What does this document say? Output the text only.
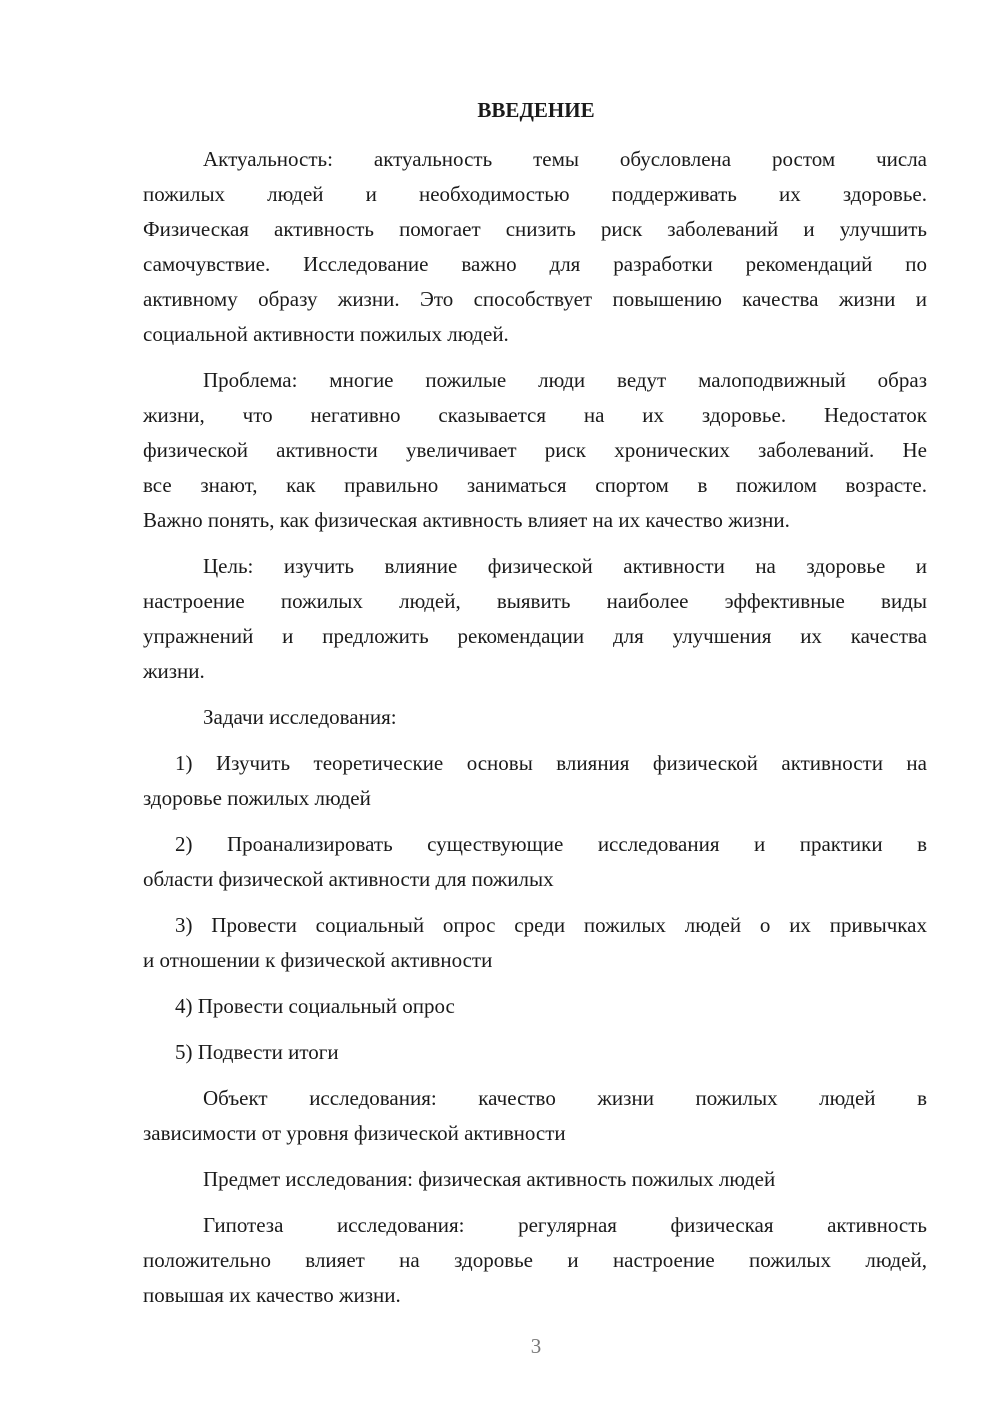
ВВЕДЕНИЕ
Актуальность: актуальность темы обусловлена ростом числа
пожилых людей и необходимостью поддерживать их здоровье.
Физическая активность помогает снизить риск заболеваний и улучшить
самочувствие. Исследование важно для разработки рекомендаций по
активному образу жизни. Это способствует повышению качества жизни и
социальной активности пожилых людей.
Проблема: многие пожилые люди ведут малоподвижный образ
жизни, что негативно сказывается на их здоровье. Недостаток
физической активности увеличивает риск хронических заболеваний. Не
все знают, как правильно заниматься спортом в пожилом возрасте.
Важно понять, как физическая активность влияет на их качество жизни.
Цель: изучить влияние физической активности на здоровье и
настроение пожилых людей, выявить наиболее эффективные виды
упражнений и предложить рекомендации для улучшения их качества
жизни.
Задачи исследования:
1) Изучить теоретические основы влияния физической активности на
здоровье пожилых людей
2) Проанализировать существующие исследования и практики в
области физической активности для пожилых
3) Провести социальный опрос среди пожилых людей о их привычках
и отношении к физической активности
4) Провести социальный опрос
5) Подвести итоги
Объект исследования: качество жизни пожилых людей в
зависимости от уровня физической активности
Предмет исследования: физическая активность пожилых людей
Гипотеза исследования: регулярная физическая активность
положительно влияет на здоровье и настроение пожилых людей,
повышая их качество жизни.
3
